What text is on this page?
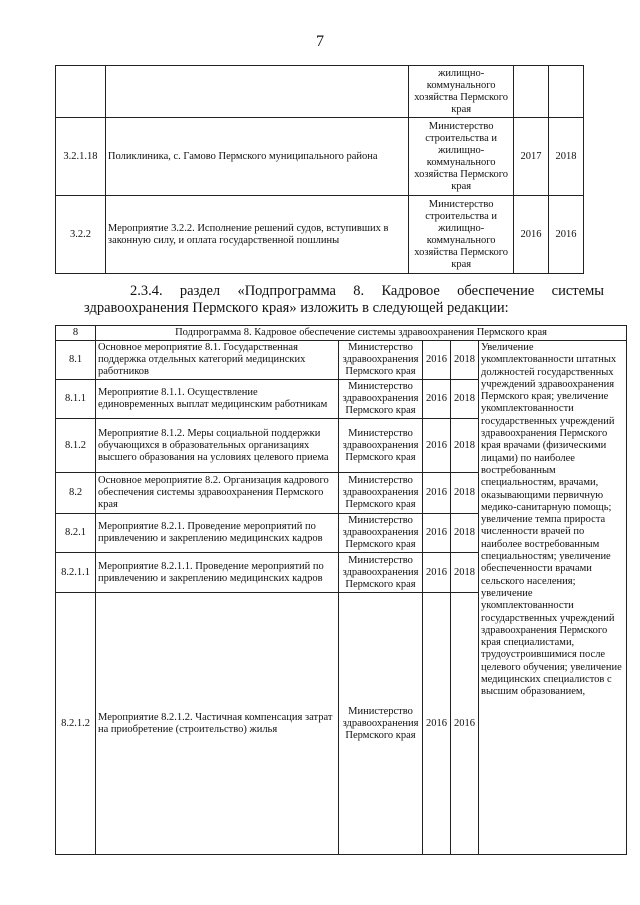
7
		жилищно-коммунального хозяйства Пермского края		
3.2.1.18	Поликлиника, с. Гамово Пермского муниципального района	Министерство строительства и жилищно-коммунального хозяйства Пермского края	2017	2018
3.2.2	Мероприятие 3.2.2. Исполнение решений судов, вступивших в законную силу, и оплата государственной пошлины	Министерство строительства и жилищно-коммунального хозяйства Пермского края	2016	2016
2.3.4. раздел «Подпрограмма 8. Кадровое обеспечение системы
здравоохранения Пермского края» изложить в следующей редакции:
8	Подпрограмма 8. Кадровое обеспечение системы здравоохранения Пермского края				
8.1	Основное мероприятие 8.1. Государственная поддержка отдельных категорий медицинских работников	Министерство здравоохранения Пермского края	2016	2018	Увеличение укомплектованности штатных должностей государственных учреждений здравоохранения Пермского края; увеличение укомплектованности государственных учреждений здравоохранения Пермского края врачами (физическими лицами) по наиболее востребованным специальностям, врачами, оказывающими первичную медико-санитарную помощь; увеличение темпа прироста численности врачей по наиболее востребованным специальностям; увеличение обеспеченности врачами сельского населения; увеличение укомплектованности государственных учреждений здравоохранения Пермского края специалистами, трудоустроившимися после целевого обучения; увеличение медицинских специалистов с высшим образованием,
8.1.1	Мероприятие 8.1.1. Осуществление единовременных выплат медицинским работникам	Министерство здравоохранения Пермского края	2016	2018	
8.1.2	Мероприятие 8.1.2. Меры социальной поддержки обучающихся в образовательных организациях высшего образования на условиях целевого приема	Министерство здравоохранения Пермского края	2016	2018	
8.2	Основное мероприятие 8.2. Организация кадрового обеспечения системы здравоохранения Пермского края	Министерство здравоохранения Пермского края	2016	2018	
8.2.1	Мероприятие 8.2.1. Проведение мероприятий по привлечению и закреплению медицинских кадров	Министерство здравоохранения Пермского края	2016	2018	
8.2.1.1	Мероприятие 8.2.1.1. Проведение мероприятий по привлечению и закреплению медицинских кадров	Министерство здравоохранения Пермского края	2016	2018	
8.2.1.2	Мероприятие 8.2.1.2. Частичная компенсация затрат на приобретение (строительство) жилья	Министерство здравоохранения Пермского края	2016	2016	
